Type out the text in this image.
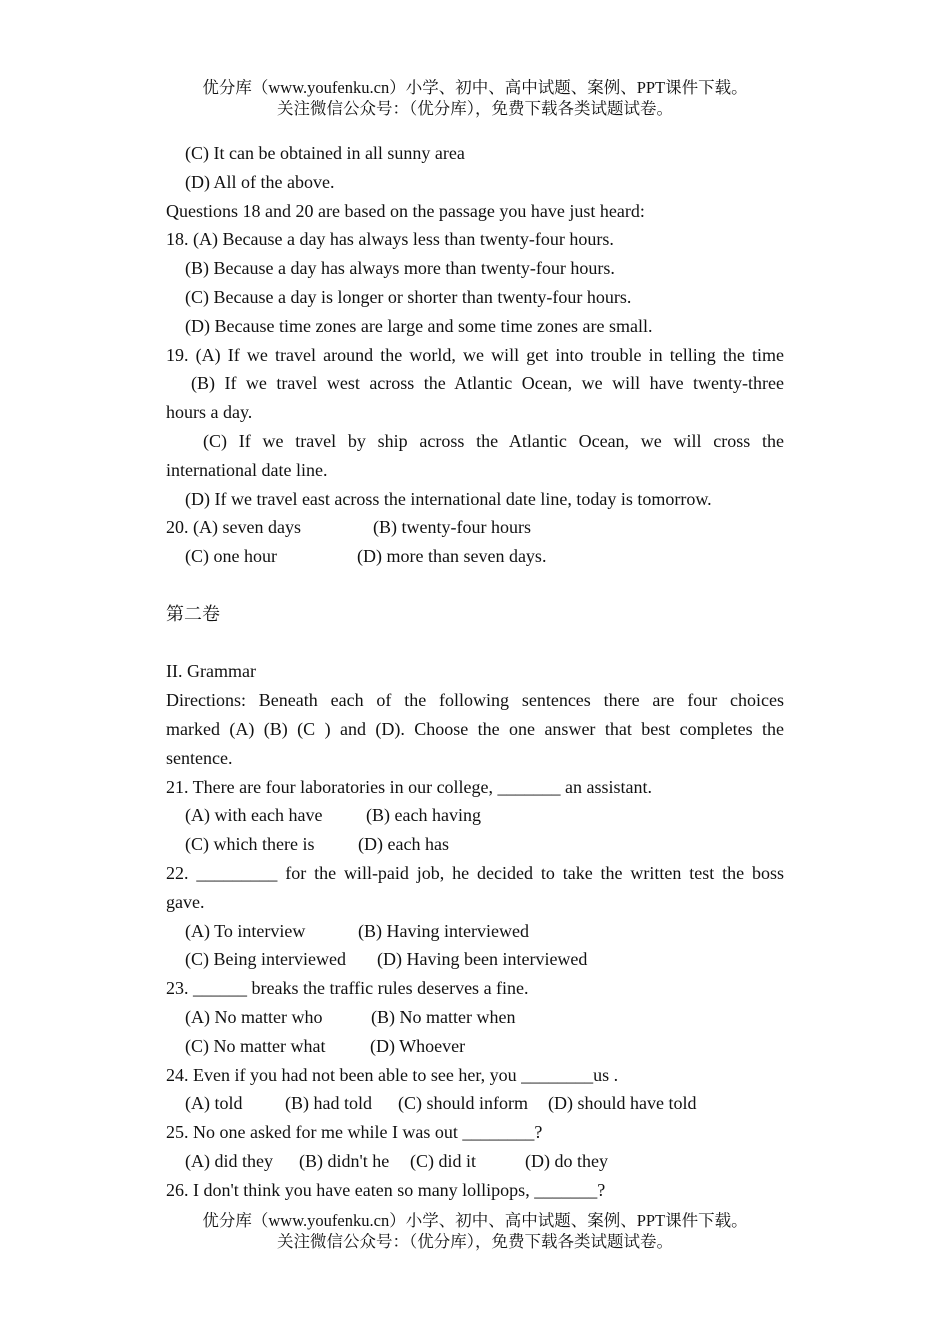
优分库（www.youfenku.cn）小学、初中、高中试题、案例、PPT课件下载。
关注微信公众号：（优分库），免费下载各类试题试卷。
(C) It can be obtained in all sunny area
(D) All of the above.
Questions 18 and 20 are based on the passage you have just heard:
18. (A) Because a day has always less than twenty-four hours.
(B) Because a day has always more than twenty-four hours.
(C) Because a day is longer or shorter than twenty-four hours.
(D) Because time zones are large and some time zones are small.
19. (A) If we travel around the world, we will get into trouble in telling the time
(B) If we travel west across the Atlantic Ocean, we will have twenty-three
hours a day.
(C) If we travel by ship across the Atlantic Ocean, we will cross the
international date line.
(D) If we travel east across the international date line, today is tomorrow.
20. (A) seven days	(B) twenty-four hours
(C) one hour	(D) more than seven days.
第二卷
II. Grammar
Directions: Beneath each of the following sentences there are four choices
marked (A) (B) (C ) and (D). Choose the one answer that best completes the
sentence.
21. There are four laboratories in our college, _______ an assistant.
(A) with each have (B) each having
(C) which there is (D) each has
22. _________ for the will-paid job, he decided to take the written test the boss
gave.
(A) To interview	(B) Having interviewed
(C) Being interviewed (D) Having been interviewed
23. ______ breaks the traffic rules deserves a fine.
(A) No matter who	(B) No matter when
(C) No matter what (D) Whoever
24. Even if you had not been able to see her, you ________us .
(A) told (B) had told (C) should inform (D) should have told
25. No one asked for me while I was out ________?
(A) did they (B) didn't he (C) did it	(D) do they
26. I don't think you have eaten so many lollipops, _______?
优分库（www.youfenku.cn）小学、初中、高中试题、案例、PPT课件下载。
关注微信公众号：（优分库），免费下载各类试题试卷。
